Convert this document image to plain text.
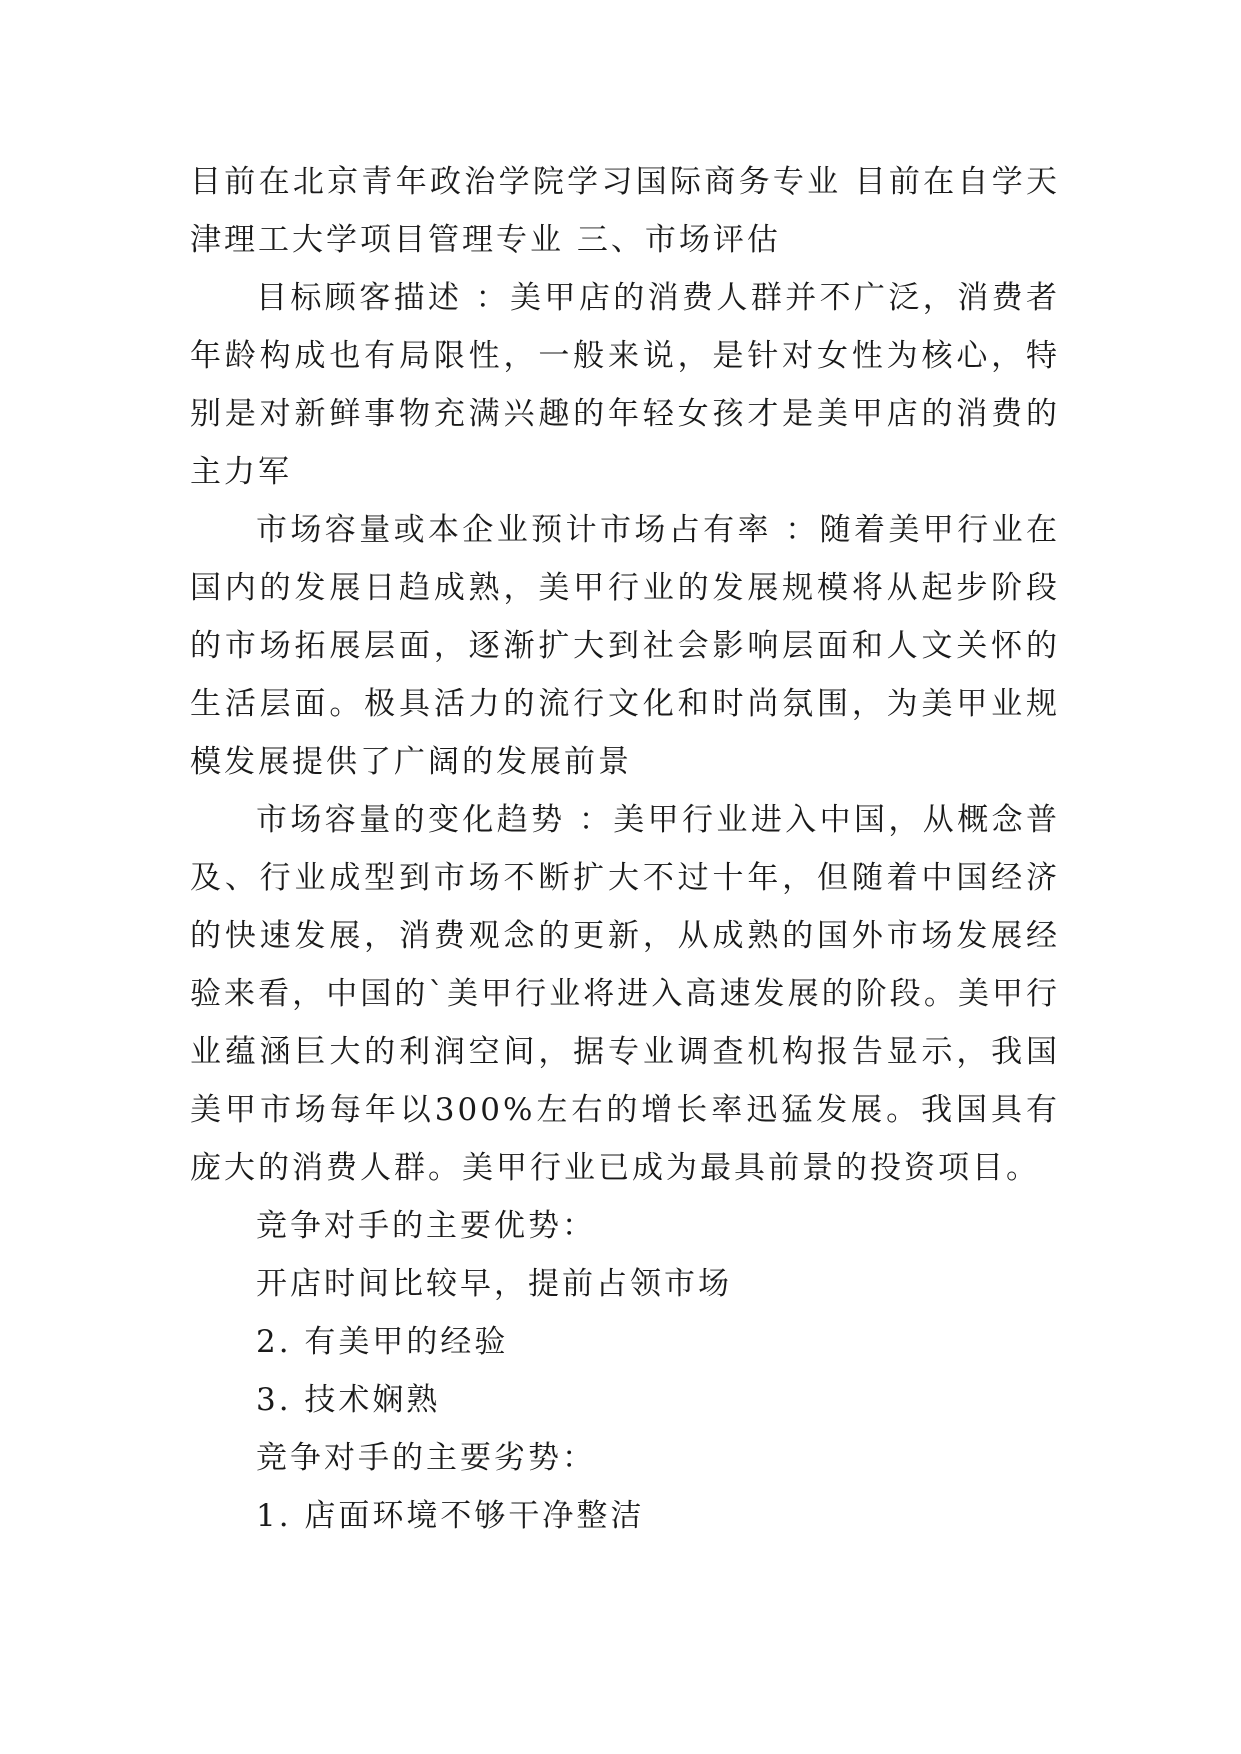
目前在北京青年政治学院学习国际商务专业 目前在自学天津理工大学项目管理专业 三、市场评估

目标顾客描述 ：美甲店的消费人群并不广泛，消费者年龄构成也有局限性，一般来说，是针对女性为核心，特别是对新鲜事物充满兴趣的年轻女孩才是美甲店的消费的主力军

市场容量或本企业预计市场占有率 ：随着美甲行业在国内的发展日趋成熟，美甲行业的发展规模将从起步阶段的市场拓展层面，逐渐扩大到社会影响层面和人文关怀的生活层面。极具活力的流行文化和时尚氛围，为美甲业规模发展提供了广阔的发展前景

市场容量的变化趋势 ：美甲行业进入中国，从概念普及、行业成型到市场不断扩大不过十年，但随着中国经济的快速发展，消费观念的更新，从成熟的国外市场发展经验来看，中国的`美甲行业将进入高速发展的阶段。美甲行业蕴涵巨大的利润空间，据专业调查机构报告显示，我国美甲市场每年以300%左右的增长率迅猛发展。我国具有庞大的消费人群。美甲行业已成为最具前景的投资项目。

竞争对手的主要优势：

开店时间比较早，提前占领市场

2. 有美甲的经验

3. 技术娴熟

竞争对手的主要劣势：

1. 店面环境不够干净整洁
